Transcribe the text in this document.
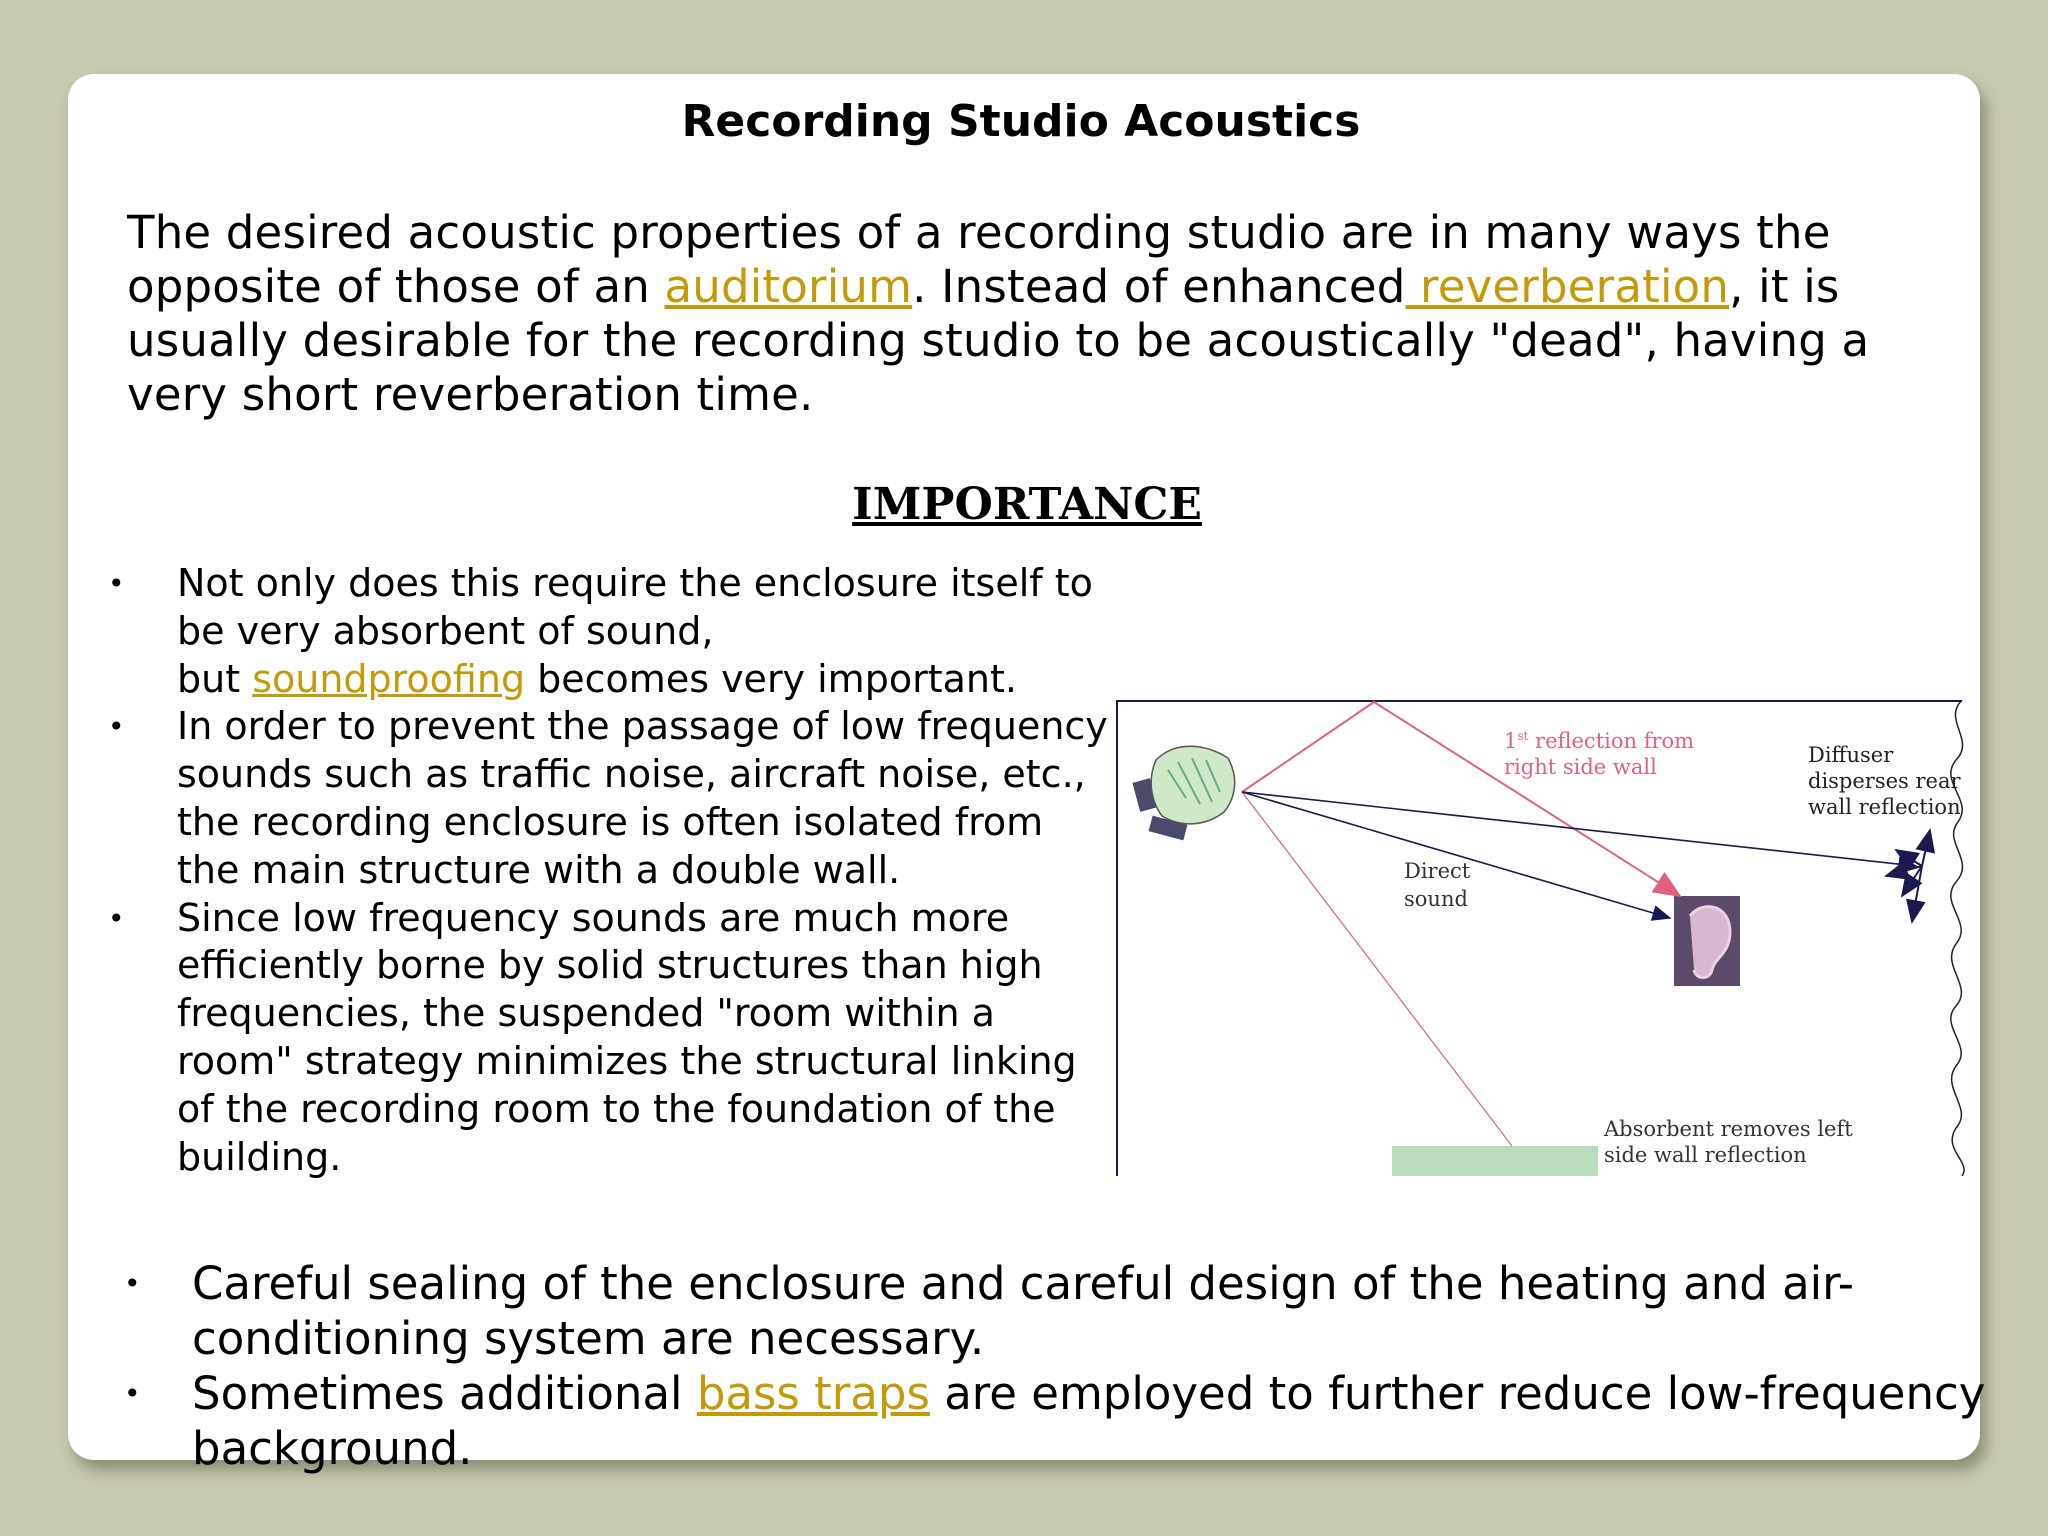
Recording Studio Acoustics

The desired acoustic properties of a recording studio are in many ways the opposite of those of an auditorium. Instead of enhanced reverberation, it is usually desirable for the recording studio to be acoustically "dead", having a very short reverberation time.

IMPORTANCE
• Not only does this require the enclosure itself to be very absorbent of sound,
but soundproofing becomes very important.
• In order to prevent the passage of low frequency sounds such as traffic noise, aircraft noise, etc., the recording enclosure is often isolated from the main structure with a double wall.
• Since low frequency sounds are much more efficiently borne by solid structures than high frequencies, the suspended "room within a room" strategy minimizes the structural linking of the recording room to the foundation of the building.
1st reflection from
right side wall
Direct
sound
Diffuser
disperses rear
wall reflection
Absorbent removes left
side wall reflection
• Careful sealing of the enclosure and careful design of the heating and air-conditioning system are necessary.
• Sometimes additional bass traps are employed to further reduce low-frequency background.
